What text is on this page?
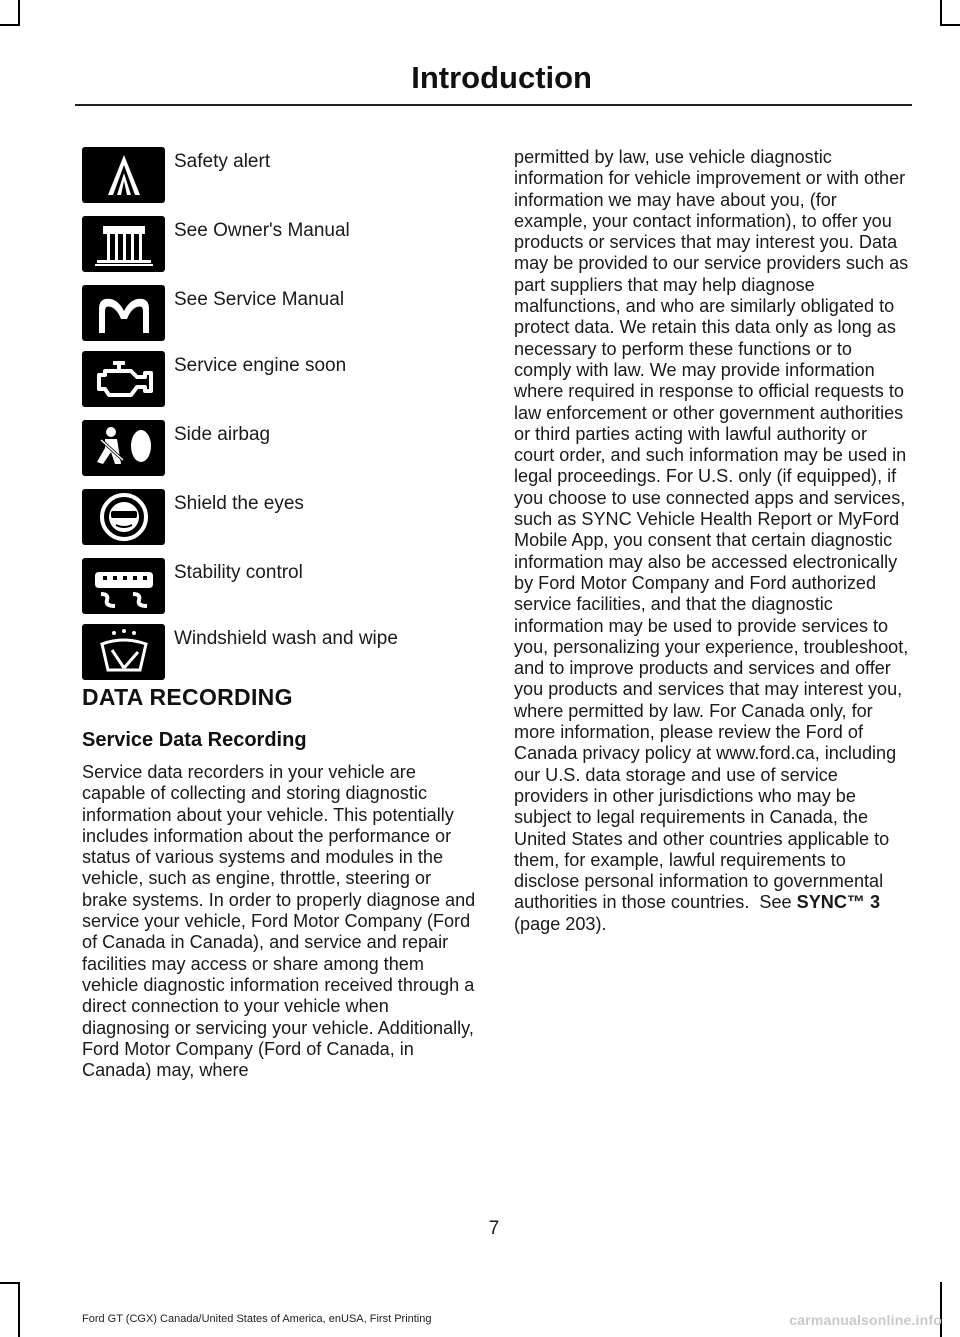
Introduction
Safety alert
See Owner's Manual
See Service Manual
Service engine soon
Side airbag
Shield the eyes
Stability control
Windshield wash and wipe
DATA RECORDING
Service Data Recording

Service data recorders in your vehicle are capable of collecting and storing diagnostic information about your vehicle. This potentially includes information about the performance or status of various systems and modules in the vehicle, such as engine, throttle, steering or brake systems. In order to properly diagnose and service your vehicle, Ford Motor Company (Ford of Canada in Canada), and service and repair facilities may access or share among them vehicle diagnostic information received through a direct connection to your vehicle when diagnosing or servicing your vehicle. Additionally, Ford Motor Company (Ford of Canada, in Canada) may, where

permitted by law, use vehicle diagnostic information for vehicle improvement or with other information we may have about you, (for example, your contact information), to offer you products or services that may interest you. Data may be provided to our service providers such as part suppliers that may help diagnose malfunctions, and who are similarly obligated to protect data. We retain this data only as long as necessary to perform these functions or to comply with law. We may provide information where required in response to official requests to law enforcement or other government authorities or third parties acting with lawful authority or court order, and such information may be used in legal proceedings. For U.S. only (if equipped), if you choose to use connected apps and services, such as SYNC Vehicle Health Report or MyFord Mobile App, you consent that certain diagnostic information may also be accessed electronically by Ford Motor Company and Ford authorized service facilities, and that the diagnostic information may be used to provide services to you, personalizing your experience, troubleshoot, and to improve products and services and offer you products and services that may interest you, where permitted by law. For Canada only, for more information, please review the Ford of Canada privacy policy at www.ford.ca, including our U.S. data storage and use of service providers in other jurisdictions who may be subject to legal requirements in Canada, the United States and other countries applicable to them, for example, lawful requirements to disclose personal information to governmental authorities in those countries. See SYNC™ 3 (page 203).

7
Ford GT (CGX) Canada/United States of America, enUSA, First Printing	carmanualsonline.info
